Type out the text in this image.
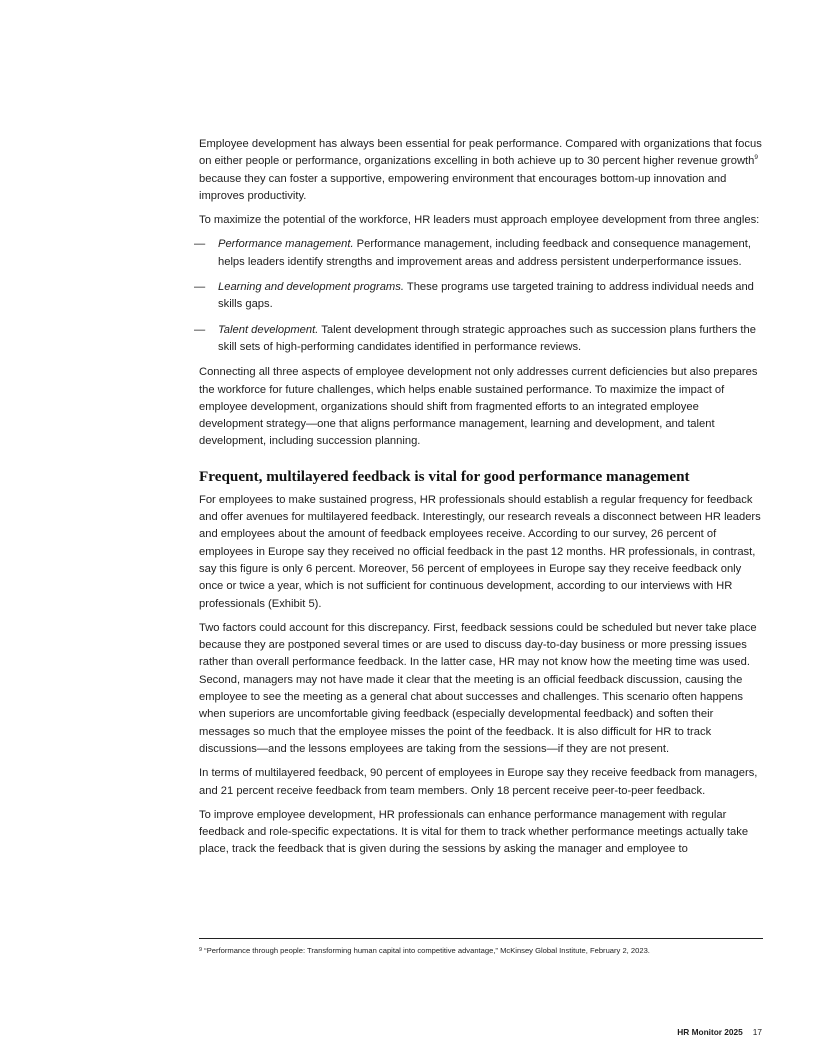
Employee development has always been essential for peak performance. Compared with organizations that focus on either people or performance, organizations excelling in both achieve up to 30 percent higher revenue growth$^9$ because they can foster a supportive, empowering environment that encourages bottom-up innovation and improves productivity.

To maximize the potential of the workforce, HR leaders must approach employee development from three angles:

— Performance management. Performance management, including feedback and consequence management, helps leaders identify strengths and improvement areas and address persistent underperformance issues.
— Learning and development programs. These programs use targeted training to address individual needs and skills gaps.
— Talent development. Talent development through strategic approaches such as succession plans furthers the skill sets of high-performing candidates identified in performance reviews.

Connecting all three aspects of employee development not only addresses current deficiencies but also prepares the workforce for future challenges, which helps enable sustained performance. To maximize the impact of employee development, organizations should shift from fragmented efforts to an integrated employee development strategy—one that aligns performance management, learning and development, and talent development, including succession planning.

Frequent, multilayered feedback is vital for good performance management

For employees to make sustained progress, HR professionals should establish a regular frequency for feedback and offer avenues for multilayered feedback. Interestingly, our research reveals a disconnect between HR leaders and employees about the amount of feedback employees receive. According to our survey, 26 percent of employees in Europe say they received no official feedback in the past 12 months. HR professionals, in contrast, say this figure is only 6 percent. Moreover, 56 percent of employees in Europe say they receive feedback only once or twice a year, which is not sufficient for continuous development, according to our interviews with HR professionals (Exhibit 5).

Two factors could account for this discrepancy. First, feedback sessions could be scheduled but never take place because they are postponed several times or are used to discuss day-to-day business or more pressing issues rather than overall performance feedback. In the latter case, HR may not know how the meeting time was used. Second, managers may not have made it clear that the meeting is an official feedback discussion, causing the employee to see the meeting as a general chat about successes and challenges. This scenario often happens when superiors are uncomfortable giving feedback (especially developmental feedback) and soften their messages so much that the employee misses the point of the feedback. It is also difficult for HR to track discussions—and the lessons employees are taking from the sessions—if they are not present.

In terms of multilayered feedback, 90 percent of employees in Europe say they receive feedback from managers, and 21 percent receive feedback from team members. Only 18 percent receive peer-to-peer feedback.

To improve employee development, HR professionals can enhance performance management with regular feedback and role-specific expectations. It is vital for them to track whether performance meetings actually take place, track the feedback that is given during the sessions by asking the manager and employee to

$^9$ “Performance through people: Transforming human capital into competitive advantage,” McKinsey Global Institute, February 2, 2023.
HR Monitor 2025 17
